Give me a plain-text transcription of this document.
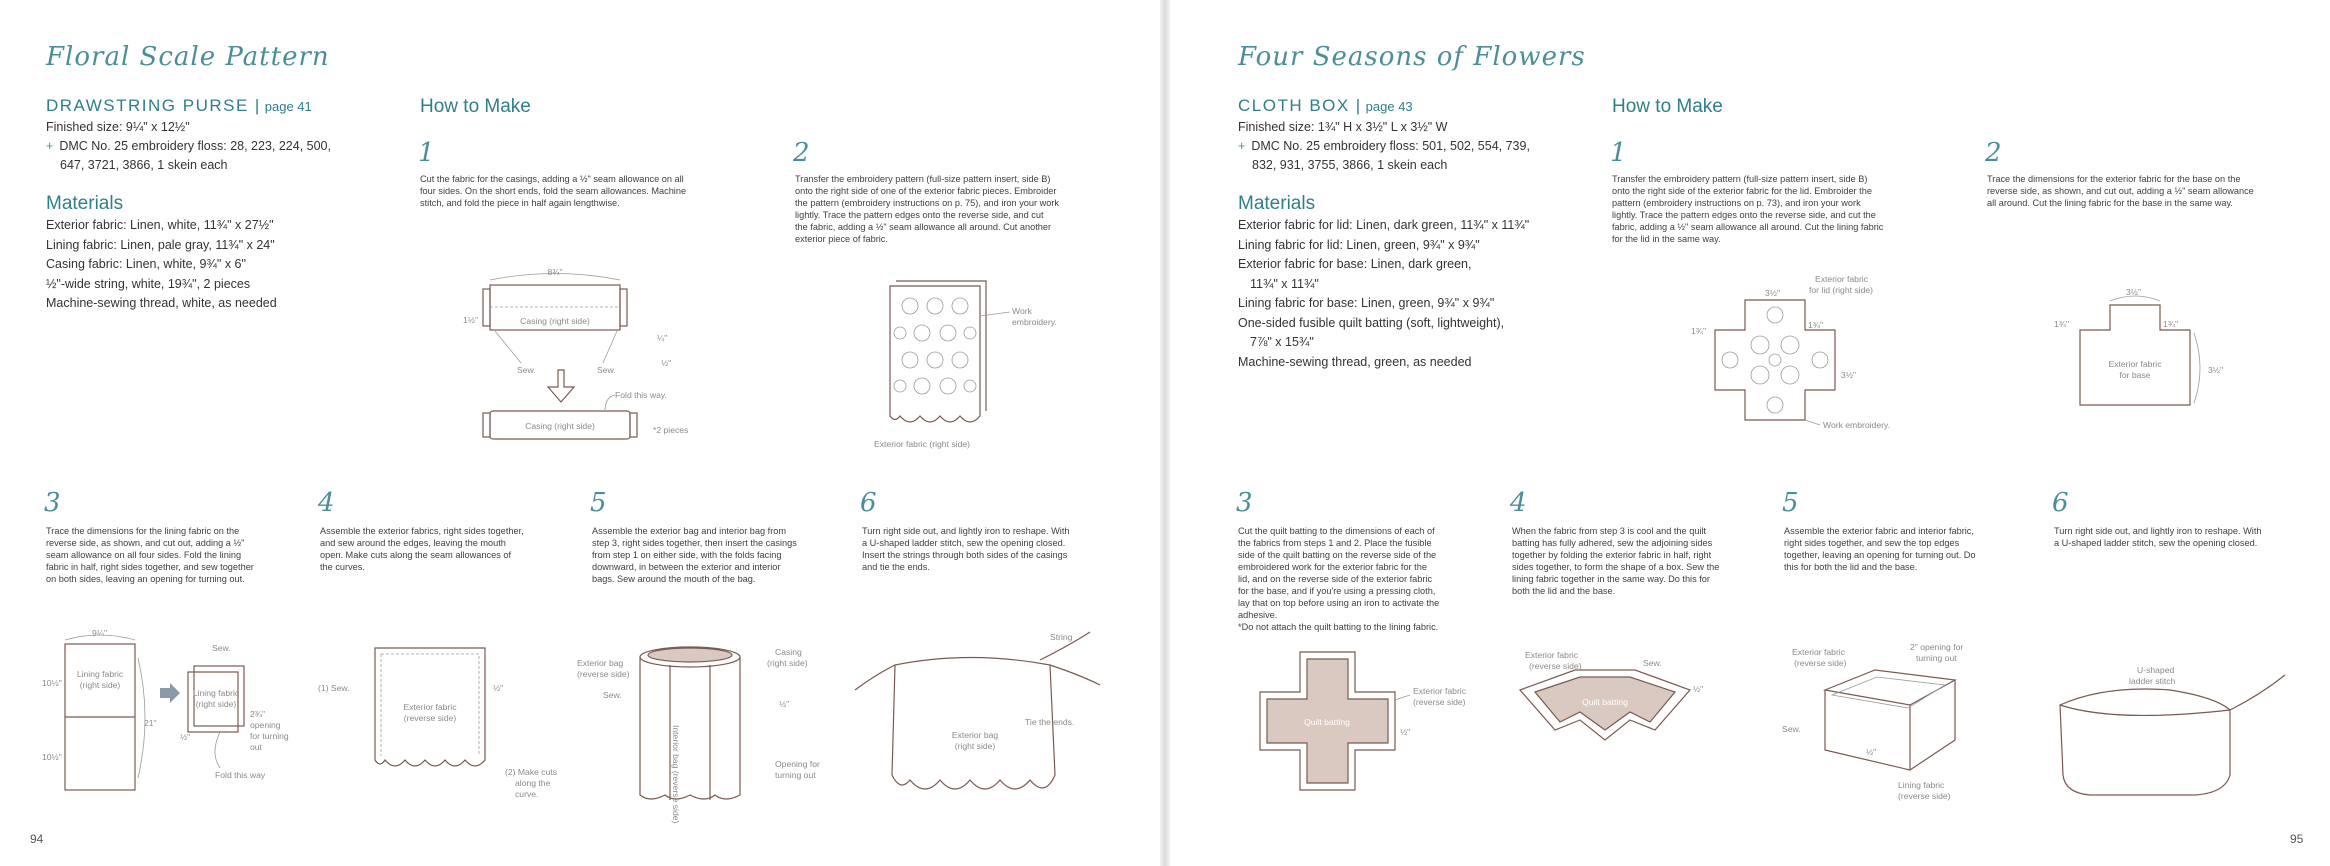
Floral Scale Pattern
DRAWSTRING PURSE | page 41
Finished size: 9¼" x 12½"
+ DMC No. 25 embroidery floss: 28, 223, 224, 500,
647, 3721, 3866, 1 skein each
Materials
Exterior fabric: Linen, white, 11¾" x 27½"
Lining fabric: Linen, pale gray, 11¾" x 24"
Casing fabric: Linen, white, 9¾" x 6"
½"-wide string, white, 19¾", 2 pieces
Machine-sewing thread, white, as needed
How to Make
1
Cut the fabric for the casings, adding a ½" seam allowance on all
four sides. On the short ends, fold the seam allowances. Machine
stitch, and fold the piece in half again lengthwise.
2
Transfer the embroidery pattern (full-size pattern insert, side B)
onto the right side of one of the exterior fabric pieces. Embroider
the pattern (embroidery instructions on p. 75), and iron your work
lightly. Trace the pattern edges onto the reverse side, and cut
the fabric, adding a ½" seam allowance all around. Cut another
exterior piece of fabric.
8¾"
Casing (right side)
1½"
¼"
½"
Sew.	Sew.
Casing (right side)
Fold this way.
*2 pieces
Work
embroidery.
Exterior fabric (right side)
3
Trace the dimensions for the lining fabric on the
reverse side, as shown, and cut out, adding a ½"
seam allowance on all four sides. Fold the lining
fabric in half, right sides together, and sew together
on both sides, leaving an opening for turning out.
4
Assemble the exterior fabrics, right sides together,
and sew around the edges, leaving the mouth
open. Make cuts along the seam allowances of
the curves.
5
Assemble the exterior bag and interior bag from
step 3, right sides together, then insert the casings
from step 1 on either side, with the folds facing
downward, in between the exterior and interior
bags. Sew around the mouth of the bag.
6
Turn right side out, and lightly iron to reshape. With
a U-shaped ladder stitch, sew the opening closed.
Insert the strings through both sides of the casings
and tie the ends.
9¼"
10½"
10½"
Lining fabric
(right side)
21"
Sew.
Lining fabric
(right side)
½"
2¾"
opening
for turning
out
Fold this way
Exterior fabric
(reverse side)
(1) Sew.	½"
(2) Make cuts
along the
curve.
Exterior bag
(reverse side)
Sew.
Casing
(right side)
½"
Interior bag (reverse side)	Opening for
turning out
String
Exterior bag
(right side)
Tie the ends.
94
Four Seasons of Flowers
CLOTH BOX | page 43
Finished size: 1¾" H x 3½" L x 3½" W
+ DMC No. 25 embroidery floss: 501, 502, 554, 739,
832, 931, 3755, 3866, 1 skein each
Materials
Exterior fabric for lid: Linen, dark green, 11¾" x 11¾"
Lining fabric for lid: Linen, green, 9¾" x 9¾"
Exterior fabric for base: Linen, dark green,
11¾" x 11¾"
Lining fabric for base: Linen, green, 9¾" x 9¾"
One-sided fusible quilt batting (soft, lightweight),
7⅞" x 15¾"
Machine-sewing thread, green, as needed
How to Make
1
Transfer the embroidery pattern (full-size pattern insert, side B)
onto the right side of the exterior fabric for the lid. Embroider the
pattern (embroidery instructions on p. 73), and iron your work
lightly. Trace the pattern edges onto the reverse side, and cut the
fabric, adding a ½" seam allowance all around. Cut the lining fabric
for the lid in the same way.
2
Trace the dimensions for the exterior fabric for the base on the
reverse side, as shown, and cut out, adding a ½" seam allowance
all around. Cut the lining fabric for the base in the same way.
Exterior fabric
for lid (right side)
3½"
1¾"
1¾"
3½"
Work embroidery.
3½"
1¾"
1¾"
3½"
Exterior fabric
for base
3
Cut the quilt batting to the dimensions of each of
the fabrics from steps 1 and 2. Place the fusible
side of the quilt batting on the reverse side of the
embroidered work for the exterior fabric for the
lid, and on the reverse side of the exterior fabric
for the base, and if you're using a pressing cloth,
lay that on top before using an iron to activate the
adhesive.
*Do not attach the quilt batting to the lining fabric.
4
When the fabric from step 3 is cool and the quilt
batting has fully adhered, sew the adjoining sides
together by folding the exterior fabric in half, right
sides together, to form the shape of a box. Sew the
lining fabric together in the same way. Do this for
both the lid and the base.
5
Assemble the exterior fabric and interior fabric,
right sides together, and sew the top edges
together, leaving an opening for turning out. Do
this for both the lid and the base.
6
Turn right side out, and lightly iron to reshape. With
a U-shaped ladder stitch, sew the opening closed.
Quilt batting
Exterior fabric
(reverse side)
½"
Quilt batting
Exterior fabric
(reverse side)	Sew.
½"
Exterior fabric
(reverse side)
2" opening for
turning out
Sew.
½"
Lining fabric
(reverse side)
U-shaped
ladder stitch
95
